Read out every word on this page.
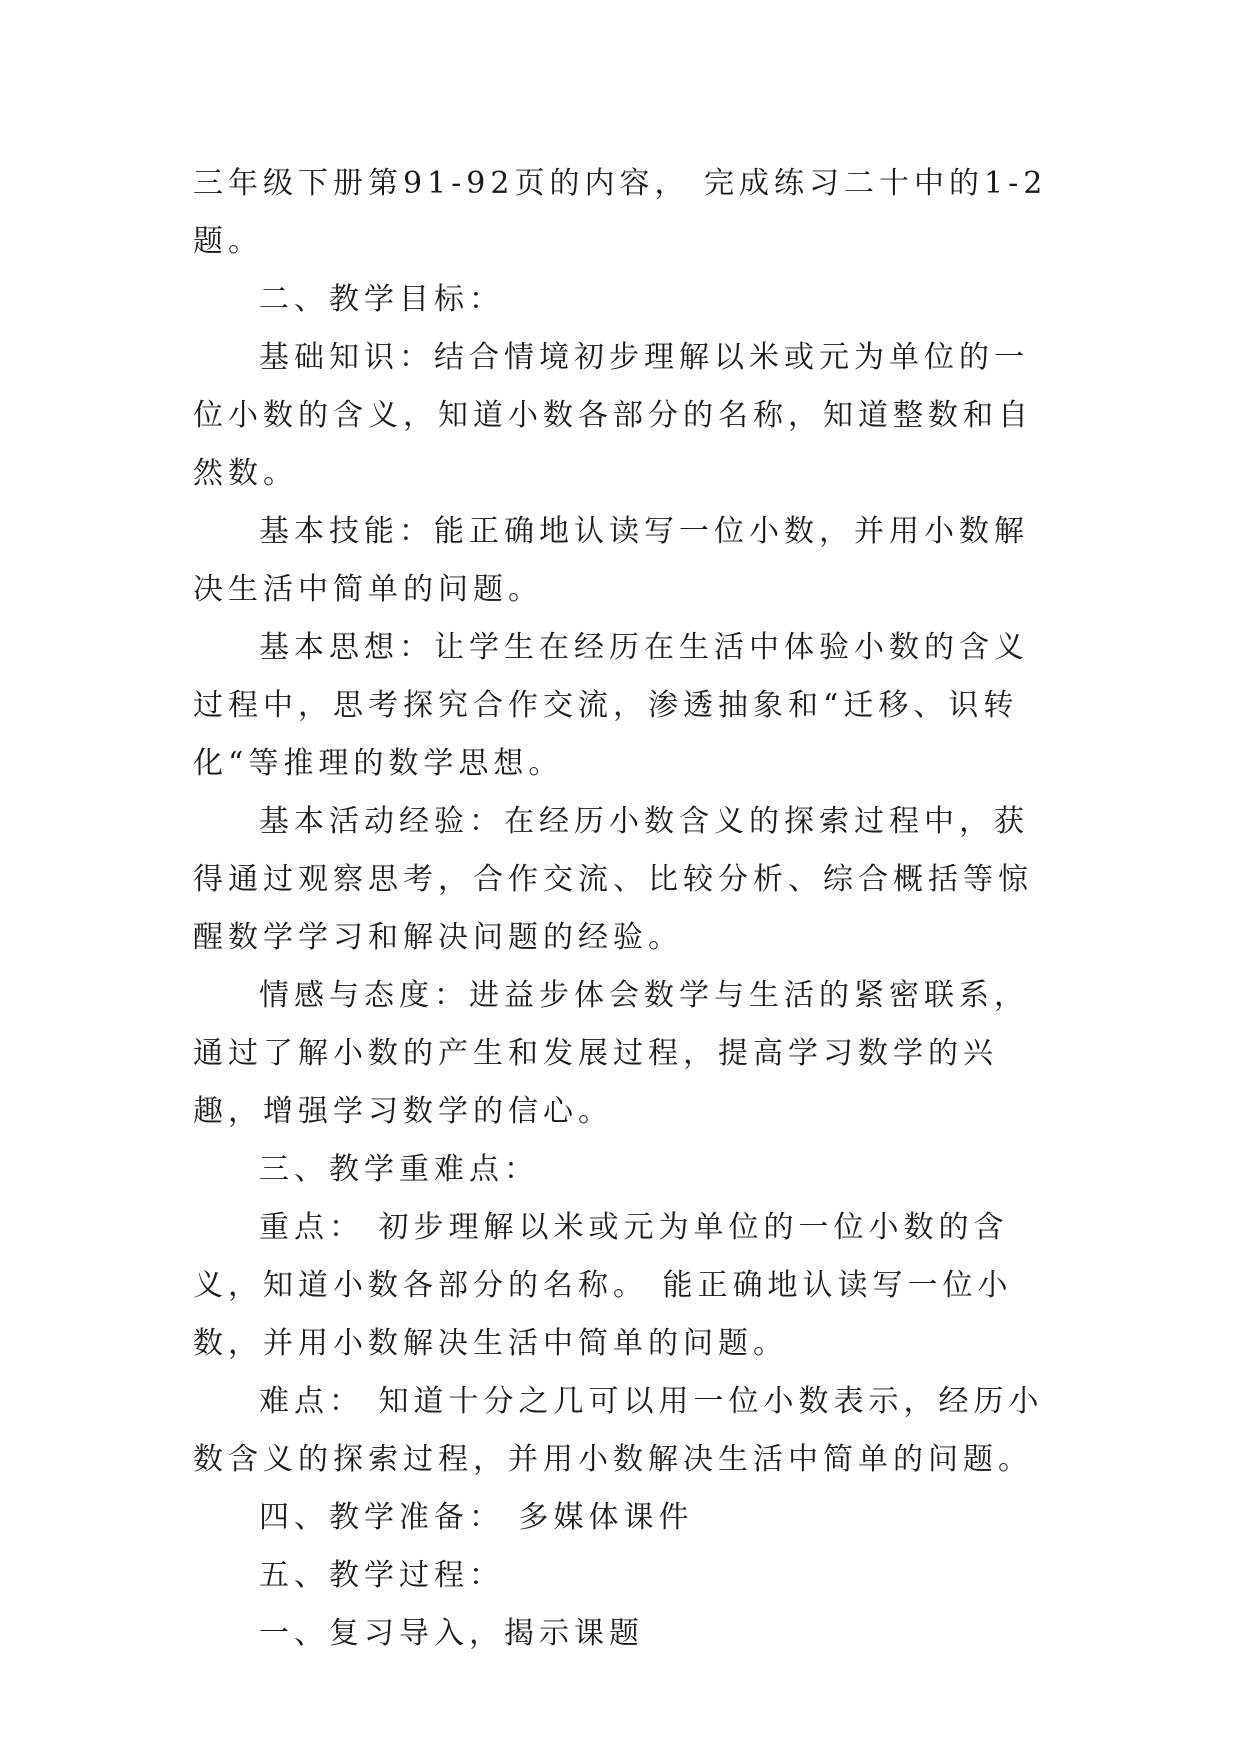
三年级下册第91-92页的内容， 完成练习二十中的1-2题。

二、教学目标：

基础知识：结合情境初步理解以米或元为单位的一位小数的含义，知道小数各部分的名称，知道整数和自然数。

基本技能：能正确地认读写一位小数，并用小数解决生活中简单的问题。

基本思想：让学生在经历在生活中体验小数的含义过程中，思考探究合作交流，渗透抽象和“迁移、识转化“等推理的数学思想。

基本活动经验：在经历小数含义的探索过程中，获得通过观察思考，合作交流、比较分析、综合概括等惊醒数学学习和解决问题的经验。

情感与态度：进益步体会数学与生活的紧密联系，通过了解小数的产生和发展过程，提高学习数学的兴趣，增强学习数学的信心。

三、教学重难点：

重点： 初步理解以米或元为单位的一位小数的含义，知道小数各部分的名称。 能正确地认读写一位小数，并用小数解决生活中简单的问题。

难点： 知道十分之几可以用一位小数表示，经历小数含义的探索过程，并用小数解决生活中简单的问题。

四、教学准备： 多媒体课件

五、教学过程：

一、复习导入，揭示课题
